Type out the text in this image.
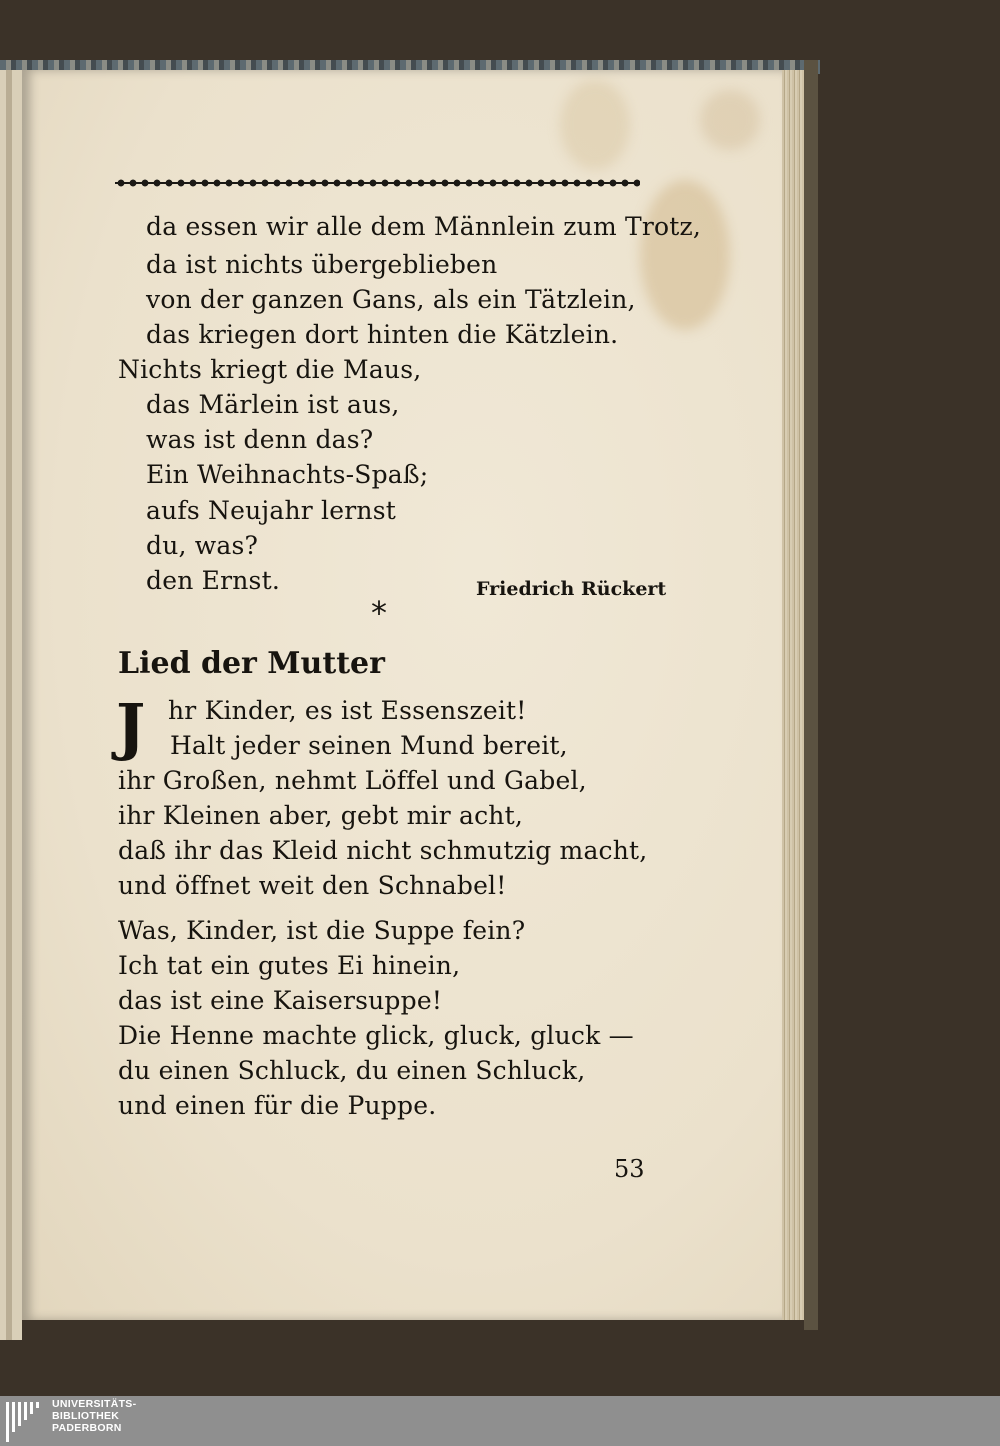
da essen wir alle dem Männlein zum Trotz,
da ist nichts übergeblieben
von der ganzen Gans, als ein Tätzlein,
das kriegen dort hinten die Kätzlein.
Nichts kriegt die Maus,
das Märlein ist aus,
was ist denn das?
Ein Weihnachts-Spaß;
aufs Neujahr lernst
du, was?
den Ernst.	Friedrich Rückert
*
Lied der Mutter
J hr Kinder, es ist Essenszeit!
Halt jeder seinen Mund bereit,
ihr Großen, nehmt Löffel und Gabel,
ihr Kleinen aber, gebt mir acht,
daß ihr das Kleid nicht schmutzig macht,
und öffnet weit den Schnabel!
Was, Kinder, ist die Suppe fein?
Ich tat ein gutes Ei hinein,
das ist eine Kaisersuppe!
Die Henne machte glick, gluck, gluck —
du einen Schluck, du einen Schluck,
und einen für die Puppe.
53
UNIVERSITÄTS-
BIBLIOTHEK
PADERBORN
